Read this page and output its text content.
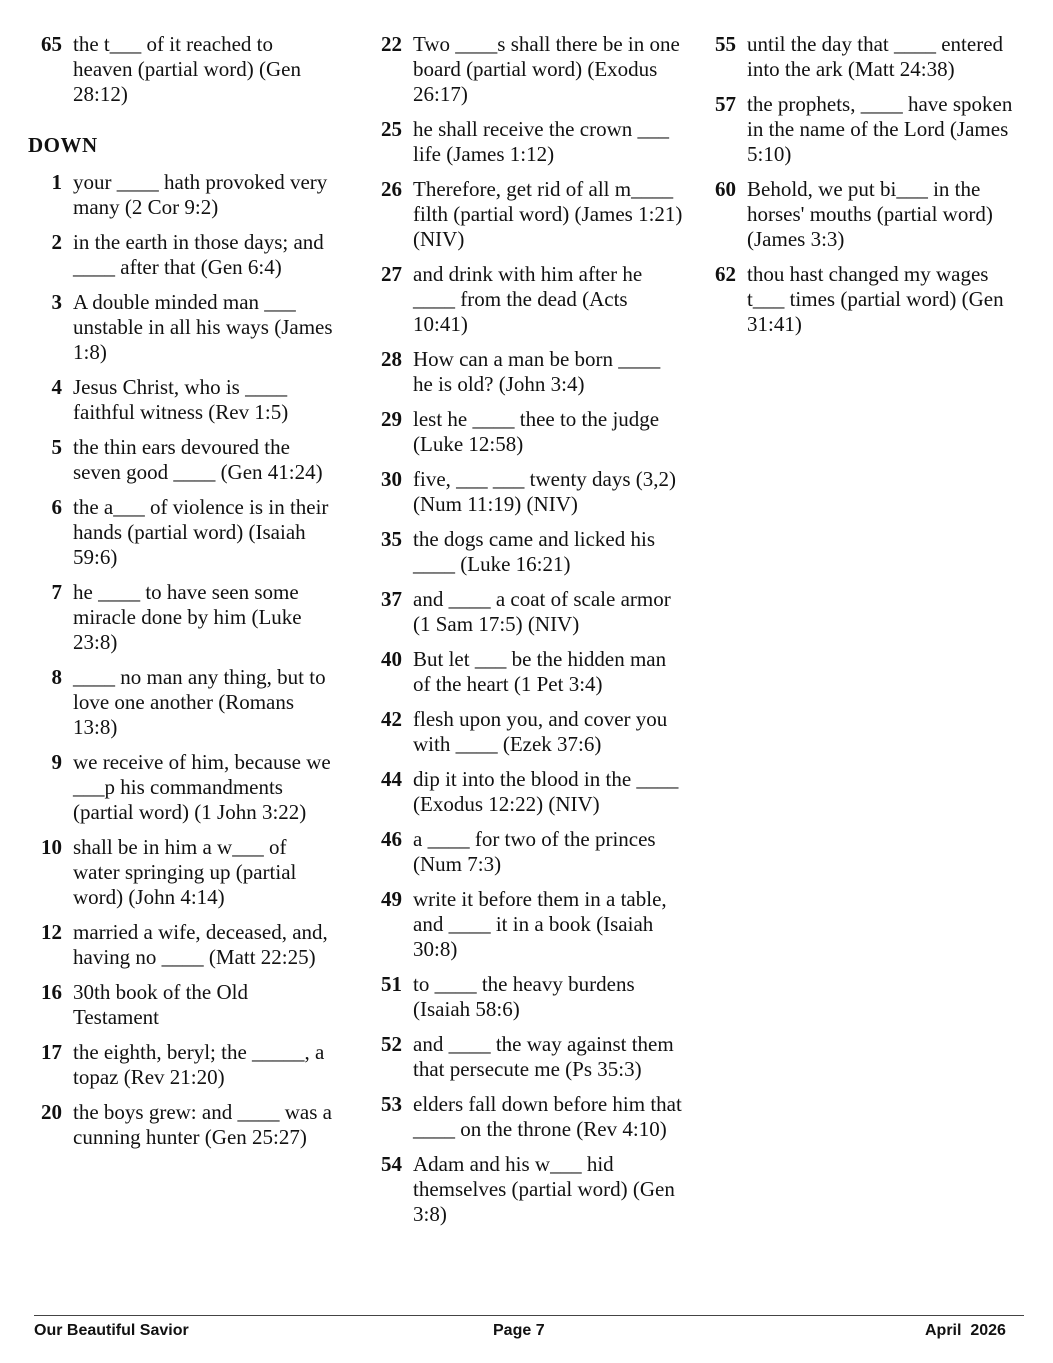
65 the t___ of it reached to heaven (partial word) (Gen 28:12)
DOWN
1 your ____ hath provoked very many (2 Cor 9:2)
2 in the earth in those days; and ____ after that (Gen 6:4)
3 A double minded man ___ unstable in all his ways (James 1:8)
4 Jesus Christ, who is ____ faithful witness (Rev 1:5)
5 the thin ears devoured the seven good ____ (Gen 41:24)
6 the a___ of violence is in their hands (partial word) (Isaiah 59:6)
7 he ____ to have seen some miracle done by him (Luke 23:8)
8 ____ no man any thing, but to love one another (Romans 13:8)
9 we receive of him, because we ___p his commandments (partial word) (1 John 3:22)
10 shall be in him a w___ of water springing up (partial word) (John 4:14)
12 married a wife, deceased, and, having no ____ (Matt 22:25)
16 30th book of the Old Testament
17 the eighth, beryl; the _____, a topaz (Rev 21:20)
20 the boys grew: and ____ was a cunning hunter (Gen 25:27)
22 Two ____s shall there be in one board (partial word) (Exodus 26:17)
25 he shall receive the crown ___ life (James 1:12)
26 Therefore, get rid of all m____ filth (partial word) (James 1:21) (NIV)
27 and drink with him after he ____ from the dead (Acts 10:41)
28 How can a man be born ____ he is old? (John 3:4)
29 lest he ____ thee to the judge (Luke 12:58)
30 five, ___ ___ twenty days (3,2) (Num 11:19) (NIV)
35 the dogs came and licked his ____ (Luke 16:21)
37 and ____ a coat of scale armor (1 Sam 17:5) (NIV)
40 But let ___ be the hidden man of the heart (1 Pet 3:4)
42 flesh upon you, and cover you with ____ (Ezek 37:6)
44 dip it into the blood in the ____ (Exodus 12:22) (NIV)
46 a ____ for two of the princes (Num 7:3)
49 write it before them in a table, and ____ it in a book (Isaiah 30:8)
51 to ____ the heavy burdens (Isaiah 58:6)
52 and ____ the way against them that persecute me (Ps 35:3)
53 elders fall down before him that ____ on the throne (Rev 4:10)
54 Adam and his w___ hid themselves (partial word) (Gen 3:8)
55 until the day that ____ entered into the ark (Matt 24:38)
57 the prophets, ____ have spoken in the name of the Lord (James 5:10)
60 Behold, we put bi___ in the horses' mouths (partial word) (James 3:3)
62 thou hast changed my wages t___ times (partial word) (Gen 31:41)
Our Beautiful Savior	Page 7	April  2026
